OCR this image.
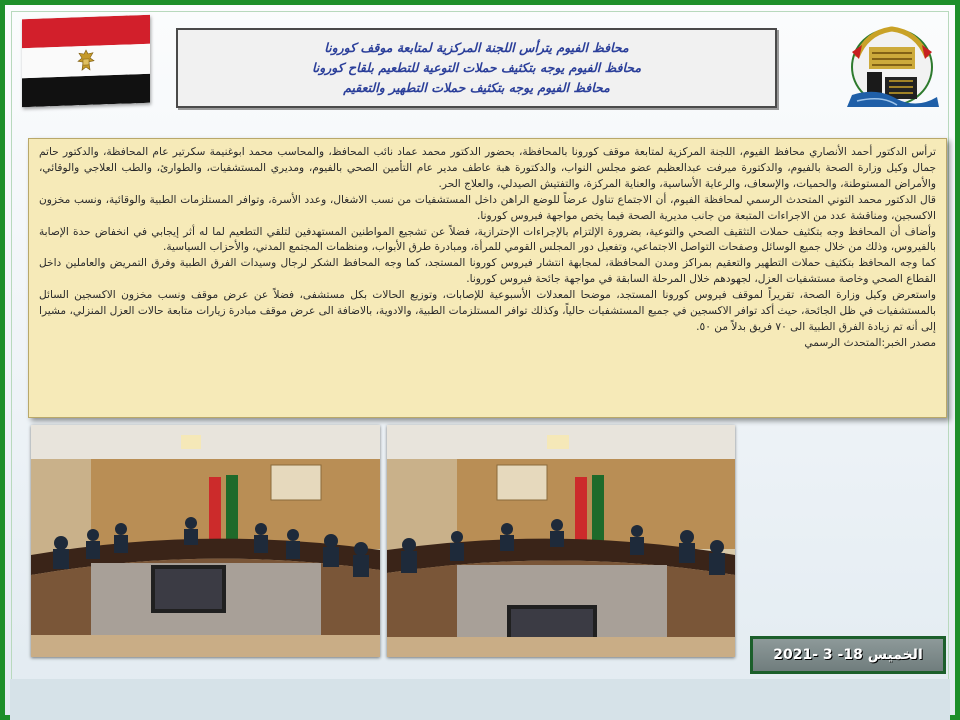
محافظ الفيوم يترأس اللجنة المركزية لمتابعة موقف كورونا
محافظ الفيوم يوجه بتكثيف حملات التوعية للتطعيم بلقاح كورونا
محافظ الفيوم يوجه بتكثيف حملات التطهير والتعقيم

ترأس الدكتور أحمد الأنصاري محافظ الفيوم، اللجنة المركزية لمتابعة موقف كورونا بالمحافظة، بحضور الدكتور محمد عماد نائب المحافظ، والمحاسب محمد ابوغنيمة سكرتير عام المحافظة، والدكتور حاتم جمال وكيل وزارة الصحة بالفيوم، والدكتورة ميرفت عبدالعظيم عضو مجلس النواب، والدكتورة هبة عاطف مدير عام التأمين الصحي بالفيوم، ومديري المستشفيات، والطوارئ، والطب العلاجي والوقائي، والأمراض المستوطنة، والحميات، والإسعاف، والرعاية الأساسية، والعناية المركزة، والتفتيش الصيدلي، والعلاج الحر.

قال الدكتور محمد التوني المتحدث الرسمي لمحافظة الفيوم، أن الاجتماع تناول عرضاً للوضع الراهن داخل المستشفيات من نسب الاشغال، وعدد الأسرة، وتوافر المستلزمات الطبية والوقائية، ونسب مخزون الاكسجين، ومناقشة عدد من الاجراءات المتبعة من جانب مديرية الصحة فيما يخص مواجهة فيروس كورونا.

وأضاف أن المحافظ وجه بتكثيف حملات التثقيف الصحي والتوعية، بضرورة الإلتزام بالإجراءات الإحترازية، فضلاً عن تشجيع المواطنين المستهدفين لتلقي التطعيم لما له أثر إيجابي في انخفاض حدة الإصابة بالفيروس، وذلك من خلال جميع الوسائل وصفحات التواصل الاجتماعي، وتفعيل دور المجلس القومي للمرأة، ومبادرة طرق الأبواب، ومنظمات المجتمع المدني، والأحزاب السياسية.

كما وجه المحافظ بتكثيف حملات التطهير والتعقيم بمراكز ومدن المحافظة، لمجابهة انتشار فيروس كورونا المستجد، كما وجه المحافظ الشكر لرجال وسيدات الفرق الطبية وفرق التمريض والعاملين داخل القطاع الصحي وخاصة مستشفيات العزل، لجهودهم خلال المرحلة السابقة في مواجهة جائحة فيروس كورونا.

واستعرض وكيل وزارة الصحة، تقريراً لموقف فيروس كورونا المستجد، موضحا المعدلات الأسبوعية للإصابات، وتوزيع الحالات بكل مستشفى، فضلاً عن عرض موقف ونسب مخزون الاكسجين السائل بالمستشفيات في ظل الجائحة، حيث أكد توافر الاكسجين في جميع المستشفيات حالياً، وكذلك توافر المستلزمات الطبية، والادوية، بالاضافة الى عرض موقف مبادرة زيارات متابعة حالات العزل المنزلي، مشيرا إلى أنه تم زيادة الفرق الطبية الى ٧٠ فريق بدلاً من ٥٠.

مصدر الخبر:المتحدث الرسمي

الخميس 18- 3 -2021
